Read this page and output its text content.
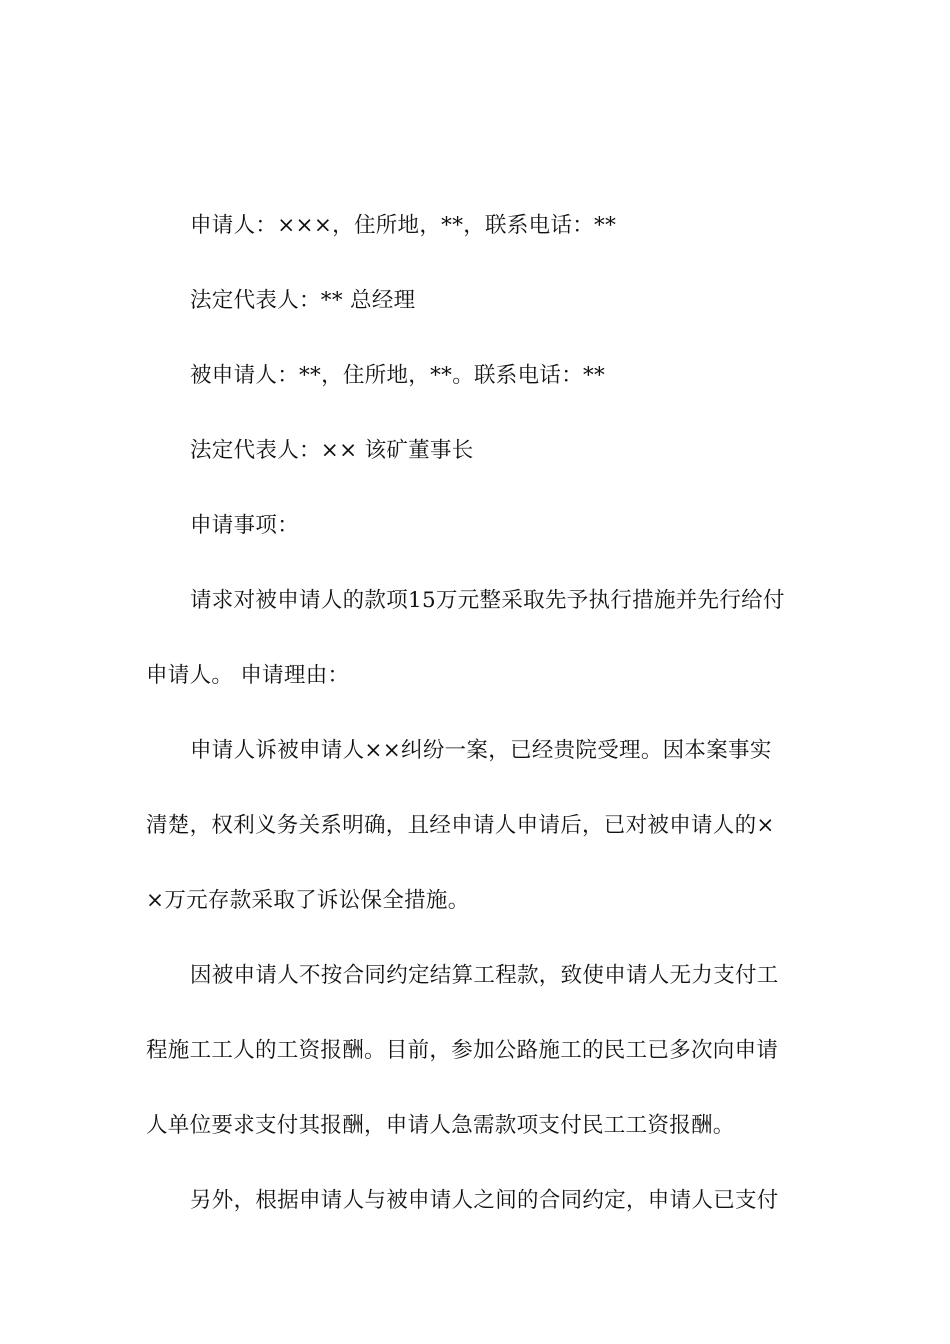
申请人：×××，住所地，**，联系电话：**
法定代表人：** 总经理
被申请人：**，住所地，**。联系电话：**
法定代表人：×× 该矿董事长
申请事项：
请求对被申请人的款项15万元整采取先予执行措施并先行给付
申请人。 申请理由：
申请人诉被申请人××纠纷一案，已经贵院受理。因本案事实
清楚，权利义务关系明确，且经申请人申请后，已对被申请人的×
×万元存款采取了诉讼保全措施。
因被申请人不按合同约定结算工程款，致使申请人无力支付工
程施工工人的工资报酬。目前，参加公路施工的民工已多次向申请
人单位要求支付其报酬，申请人急需款项支付民工工资报酬。
另外，根据申请人与被申请人之间的合同约定，申请人已支付
